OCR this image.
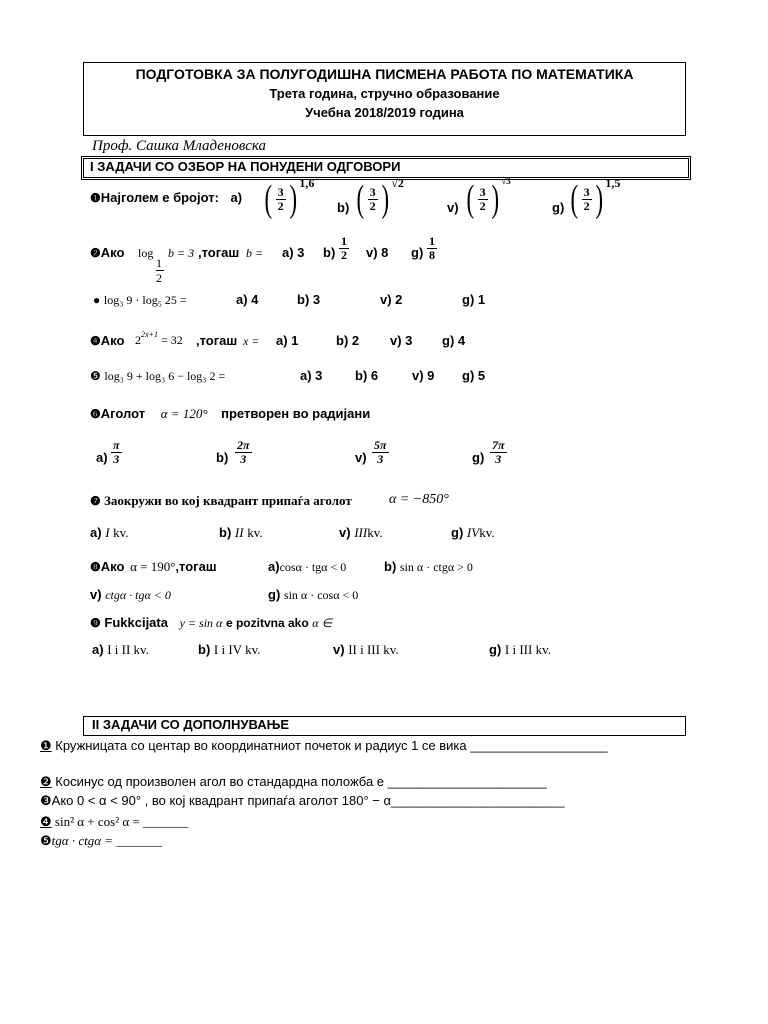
ПОДГОТОВКА ЗА ПОЛУГОДИШНА ПИСМЕНА РАБОТА ПО МАТЕМАТИКА
Трета година, стручно образование
Учебна 2018/2019 година
Проф. Сашка Младеновска
I ЗАДАЧИ СО ОЗБОР НА ПОНУДЕНИ ОДГОВОРИ
❶Најголем е бројот: а) ( $\frac{3}{2}$ ) $^{1,6}$
b) ( $\frac{3}{2}$ ) $^{√2}$
v) ( $\frac{3}{2}$ ) $^{√3}$
g) ( $\frac{3}{2}$ ) $^{1,5}$
❷Ако log
1
2
b = 3 ,тогаш b = а) 3 $b) \frac{1}{2} v$) 8 $g) \frac{1}{8}$
● log₃ 9 · log₅ 25 =	а) 4	b) 3	v) 2	g) 1
❹Ако $2^{2x+1} = 32$ ,тогаш x = а) 1	b) 2 v) 3 g) 4
❺ log₃ 9 + log₃ 6 − log₃ 2 =	а) 3	b) 6	v) 9 g) 5
❻Аголот α = 120° претворен во радијани
$а) \frac{\pi}{3}$	$b) \frac{2\pi}{3}$	$v) \frac{5\pi}{3}$	$g) \frac{7\pi}{3}$
❼ Заокружи во кој квадрант припаѓа аголот	α = −850°
а) I kv.	b) II kv.	v) IIIkv.	g) IVkv.
❽Ако α = 190°,тогаш	а)cosα · tgα < 0	b) sin α · ctgα > 0
v) ctgα · tgα < 0	g) sin α · cosα < 0
❾ Fukkcijata y = sin α е pozitvna ako α ∈
а) I i II kv.	b) I i IV kv.	v) II i III kv.	g) I i III kv.
II ЗАДАЧИ СО ДОПОЛНУВАЊЕ
❶ Кружницата со центар во координатниот почеток и радиус 1 се вика ___________________
❷ Косинус од произволен агол во стандардна положба е ______________________
❸Ако 0 < α < 90° , во кој квадрант припаѓа аголот 180° − α________________________
❹ sin² α + cos² α = _______
❺tgα · ctgα = _______
